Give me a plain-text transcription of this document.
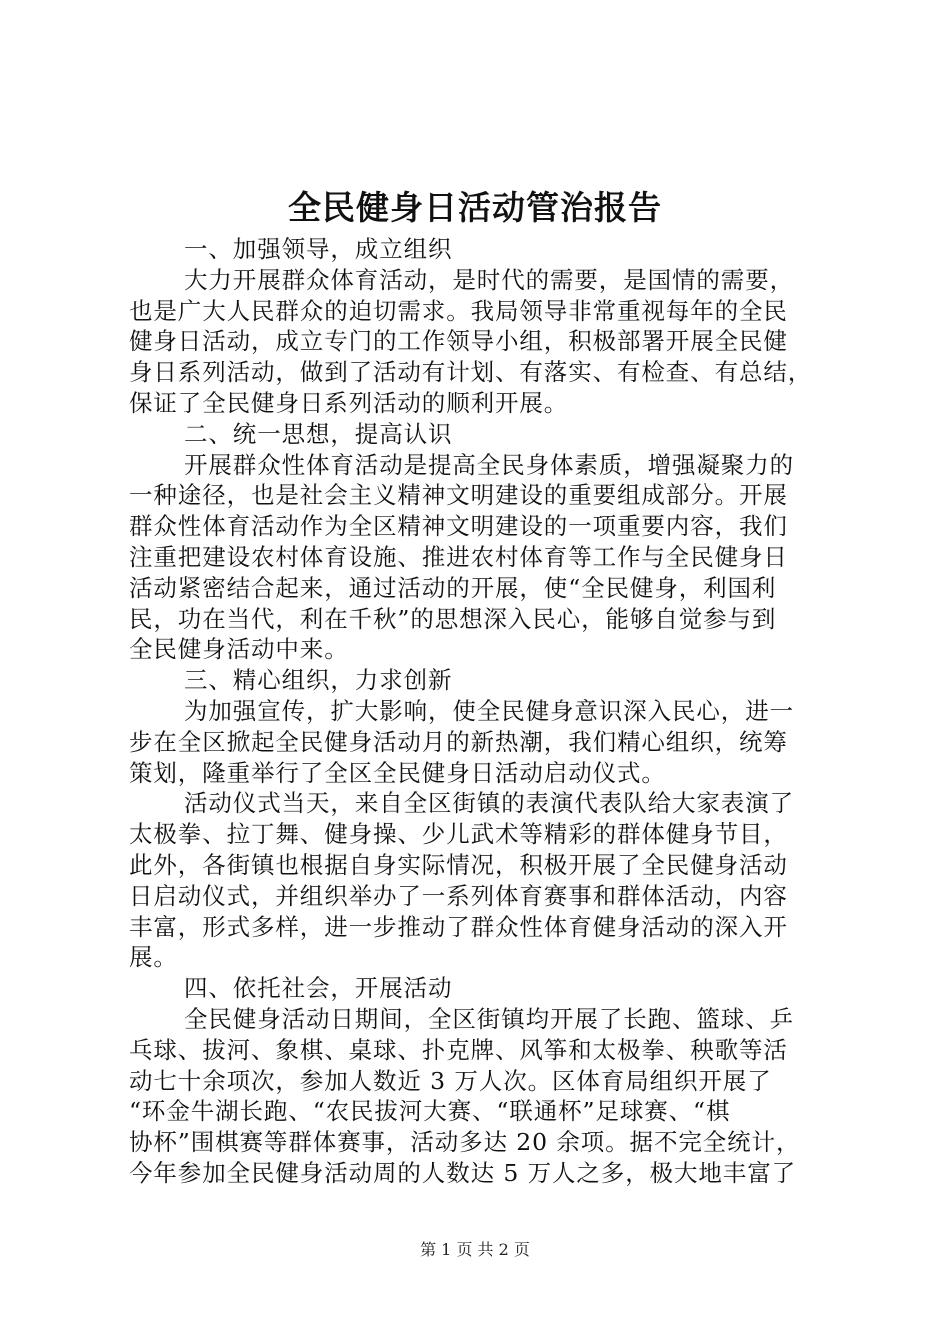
全民健身日活动管治报告
一、加强领导，成立组织
大力开展群众体育活动，是时代的需要，是国情的需要，
也是广大人民群众的迫切需求。我局领导非常重视每年的全民
健身日活动，成立专门的工作领导小组，积极部署开展全民健
身日系列活动，做到了活动有计划、有落实、有检查、有总结，
保证了全民健身日系列活动的顺利开展。
二、统一思想，提高认识
开展群众性体育活动是提高全民身体素质，增强凝聚力的
一种途径，也是社会主义精神文明建设的重要组成部分。开展
群众性体育活动作为全区精神文明建设的一项重要内容，我们
注重把建设农村体育设施、推进农村体育等工作与全民健身日
活动紧密结合起来，通过活动的开展，使“全民健身，利国利
民，功在当代，利在千秋”的思想深入民心，能够自觉参与到
全民健身活动中来。
三、精心组织，力求创新
为加强宣传，扩大影响，使全民健身意识深入民心，进一
步在全区掀起全民健身活动月的新热潮，我们精心组织，统筹
策划，隆重举行了全区全民健身日活动启动仪式。
活动仪式当天，来自全区街镇的表演代表队给大家表演了
太极拳、拉丁舞、健身操、少儿武术等精彩的群体健身节目，
此外，各街镇也根据自身实际情况，积极开展了全民健身活动
日启动仪式，并组织举办了一系列体育赛事和群体活动，内容
丰富，形式多样，进一步推动了群众性体育健身活动的深入开
展。
四、依托社会，开展活动
全民健身活动日期间，全区街镇均开展了长跑、篮球、乒
乓球、拔河、象棋、桌球、扑克牌、风筝和太极拳、秧歌等活
动七十余项次，参加人数近 3 万人次。区体育局组织开展了
“环金牛湖长跑、“农民拔河大赛、“联通杯”足球赛、“棋
协杯”围棋赛等群体赛事，活动多达 20 余项。据不完全统计，
今年参加全民健身活动周的人数达 5 万人之多，极大地丰富了
第 1 页 共 2 页
